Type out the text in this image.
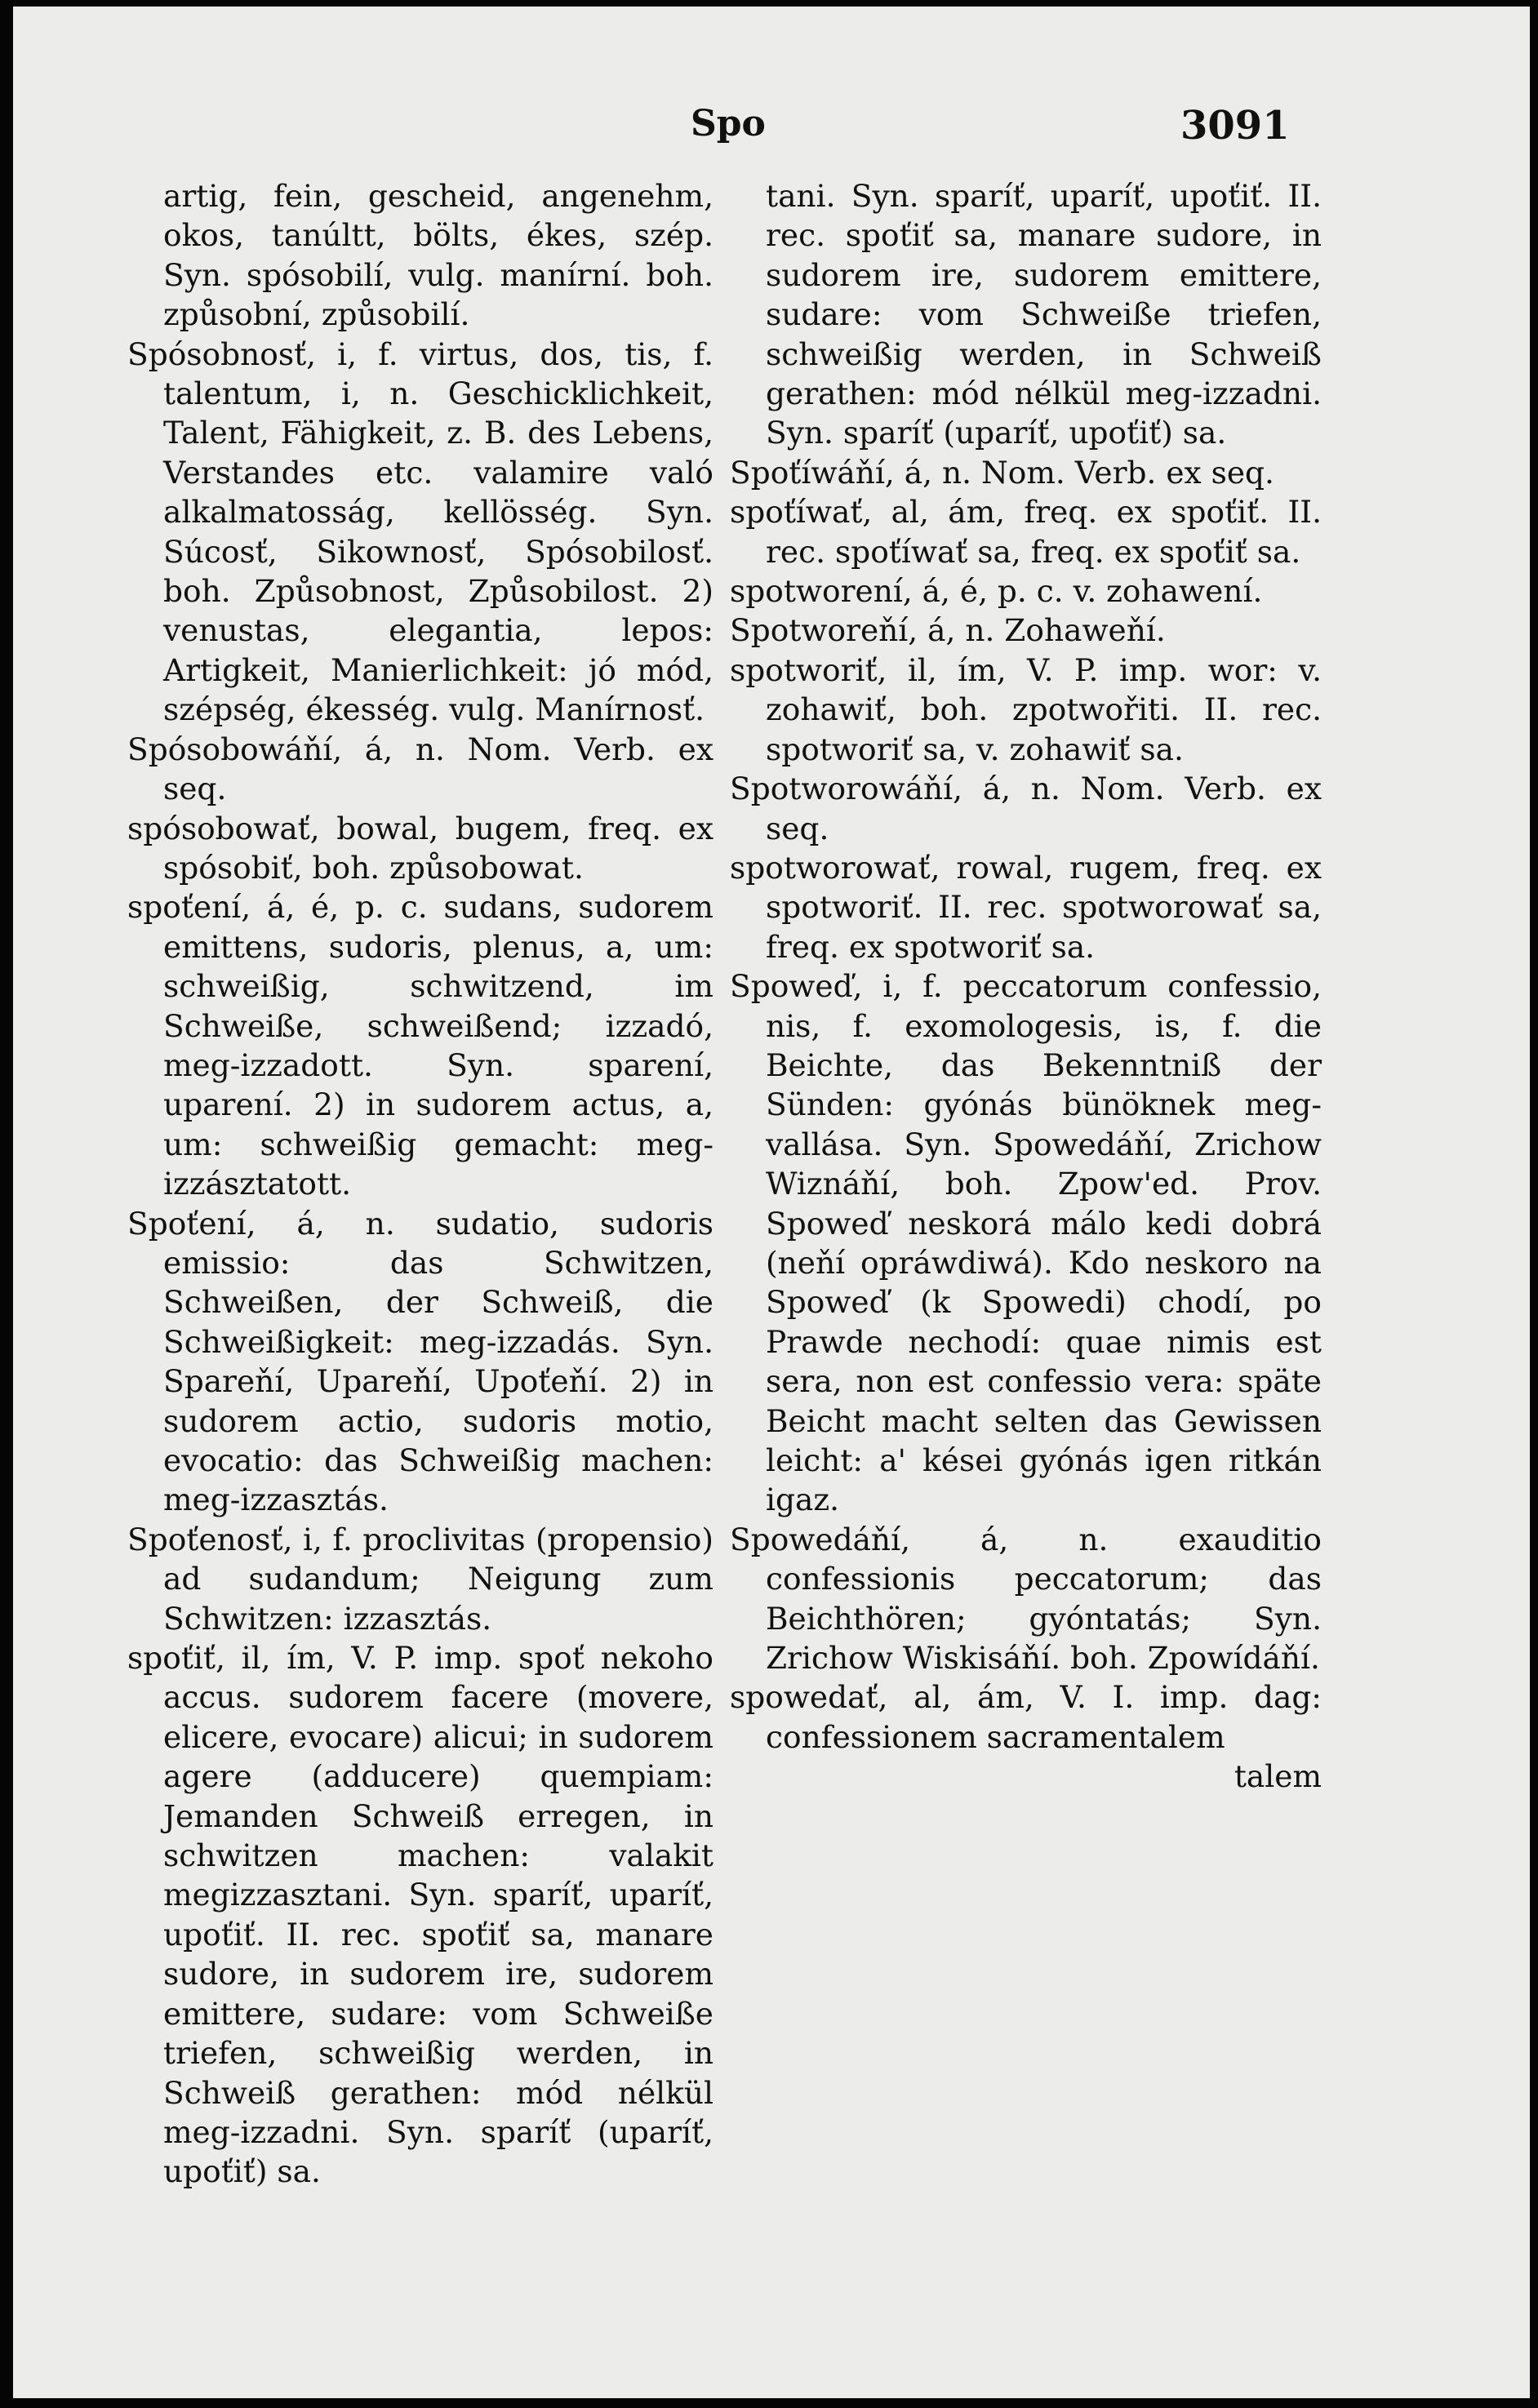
Spo	3091

artig, fein, gescheid, angenehm, okos, tanúltt, bölts, ékes, szép. Syn. spósobilí, vulg. manírní. boh. způsobní, způsobilí.

Spósobnosť, i, f. virtus, dos, tis, f. talentum, i, n. Geschicklichkeit, Talent, Fähigkeit, z. B. des Lebens, Verstandes etc. valamire való alkalmatosság, kellösség. Syn. Súcosť, Sikownosť, Spósobilosť. boh. Způsobnost, Způsobilost. 2) venustas, elegantia, lepos: Artigkeit, Manierlichkeit: jó mód, szépség, ékesség. vulg. Manírnosť.

Spósobowáňí, á, n. Nom. Verb. ex seq.

spósobowať, bowal, bugem, freq. ex spósobiť, boh. způsobowat.

spoťení, á, é, p. c. sudans, sudorem emittens, sudoris, plenus, a, um: schweißig, schwitzend, im Schweiße, schweißend; izzadó, meg-izzadott. Syn. sparení, uparení. 2) in sudorem actus, a, um: schweißig gemacht: meg-izzásztatott.

Spoťení, á, n. sudatio, sudoris emissio: das Schwitzen, Schweißen, der Schweiß, die Schweißigkeit: meg-izzadás. Syn. Spareňí, Upareňí, Upoťeňí. 2) in sudorem actio, sudoris motio, evocatio: das Schweißig machen: meg-izzasztás.

Spoťenosť, i, f. proclivitas (propensio) ad sudandum; Neigung zum Schwitzen: izzasztás.

spoťiť, il, ím, V. P. imp. spoť nekoho accus. sudorem facere (movere, elicere, evocare) alicui; in sudorem agere (adducere) quempiam: Jemanden Schweiß erregen, in schwitzen machen: valakit megizzasztani. Syn. sparíť, uparíť, upoťiť. II. rec. spoťiť sa, manare sudore, in sudorem ire, sudorem emittere, sudare: vom Schweiße triefen, schweißig werden, in Schweiß gerathen: mód nélkül meg-izzadni. Syn. sparíť (uparíť, upoťiť) sa.

tani. Syn. sparíť, uparíť, upoťiť. II. rec. spoťiť sa, manare sudore, in sudorem ire, sudorem emittere, sudare: vom Schweiße triefen, schweißig werden, in Schweiß gerathen: mód nélkül meg-izzadni. Syn. sparíť (uparíť, upoťiť) sa.

Spoťíwáňí, á, n. Nom. Verb. ex seq.

spoťíwať, al, ám, freq. ex spoťiť. II. rec. spoťíwať sa, freq. ex spoťiť sa.

spotworení, á, é, p. c. v. zohawení.

Spotworeňí, á, n. Zohaweňí.

spotworiť, il, ím, V. P. imp. wor: v. zohawiť, boh. zpotwořiti. II. rec. spotworiť sa, v. zohawiť sa.

Spotworowáňí, á, n. Nom. Verb. ex seq.

spotworowať, rowal, rugem, freq. ex spotworiť. II. rec. spotworowať sa, freq. ex spotworiť sa.

Spoweď, i, f. peccatorum confessio, nis, f. exomologesis, is, f. die Beichte, das Bekenntniß der Sünden: gyónás bünöknek meg-vallása. Syn. Spowedáňí, Zrichow Wiznáňí, boh. Zpow'ed. Prov. Spoweď neskorá málo kedi dobrá (neňí opráwdiwá). Kdo neskoro na Spoweď (k Spowedi) chodí, po Prawde nechodí: quae nimis est sera, non est confessio vera: späte Beicht macht selten das Gewissen leicht: a' kései gyónás igen ritkán igaz.

Spowedáňí, á, n. exauditio confessionis peccatorum; das Beichthören; gyóntatás; Syn. Zrichow Wiskisáňí. boh. Zpowídáňí.

spowedať, al, ám, V. I. imp. dag: confessionem sacramentalem
talem
